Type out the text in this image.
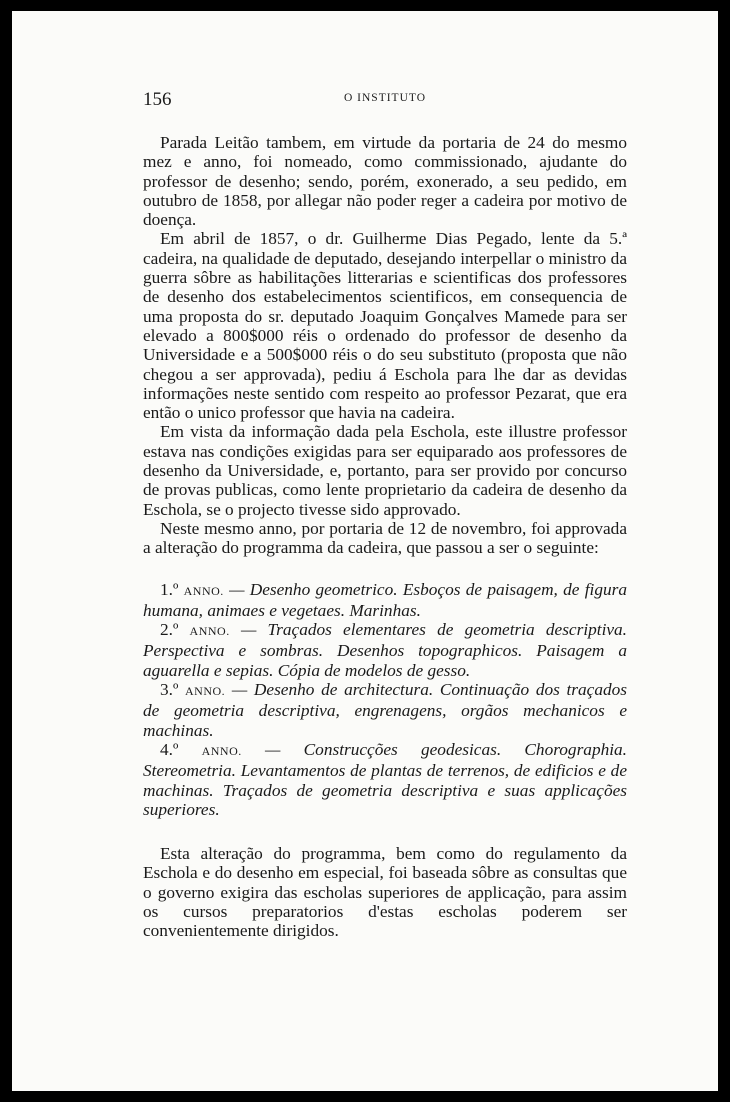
156	O INSTITUTO

Parada Leitão tambem, em virtude da portaria de 24 do mesmo mez e anno, foi nomeado, como commissionado, ajudante do professor de desenho; sendo, porém, exonerado, a seu pedido, em outubro de 1858, por allegar não poder reger a cadeira por motivo de doença.

Em abril de 1857, o dr. Guilherme Dias Pegado, lente da 5.ª cadeira, na qualidade de deputado, desejando interpellar o ministro da guerra sôbre as habilitações litterarias e scientificas dos professores de desenho dos estabelecimentos scientificos, em consequencia de uma proposta do sr. deputado Joaquim Gonçalves Mamede para ser elevado a 800$000 réis o ordenado do professor de desenho da Universidade e a 500$000 réis o do seu substituto (proposta que não chegou a ser approvada), pediu á Eschola para lhe dar as devidas informações neste sentido com respeito ao professor Pezarat, que era então o unico professor que havia na cadeira.

Em vista da informação dada pela Eschola, este illustre professor estava nas condições exigidas para ser equiparado aos professores de desenho da Universidade, e, portanto, para ser provido por concurso de provas publicas, como lente proprietario da cadeira de desenho da Eschola, se o projecto tivesse sido approvado.

Neste mesmo anno, por portaria de 12 de novembro, foi approvada a alteração do programma da cadeira, que passou a ser o seguinte:

1.º ANNO. — Desenho geometrico. Esboços de paisagem, de figura humana, animaes e vegetaes. Marinhas.

2.º ANNO. — Traçados elementares de geometria descriptiva. Perspectiva e sombras. Desenhos topographicos. Paisagem a aguarella e sepias. Cópia de modelos de gesso.

3.º ANNO. — Desenho de architectura. Continuação dos traçados de geometria descriptiva, engrenagens, orgãos mechanicos e machinas.

4.º ANNO. — Construcções geodesicas. Chorographia. Stereometria. Levantamentos de plantas de terrenos, de edificios e de machinas. Traçados de geometria descriptiva e suas applicações superiores.

Esta alteração do programma, bem como do regulamento da Eschola e do desenho em especial, foi baseada sôbre as consultas que o governo exigira das escholas superiores de applicação, para assim os cursos preparatorios d'estas escholas poderem ser convenientemente dirigidos.
